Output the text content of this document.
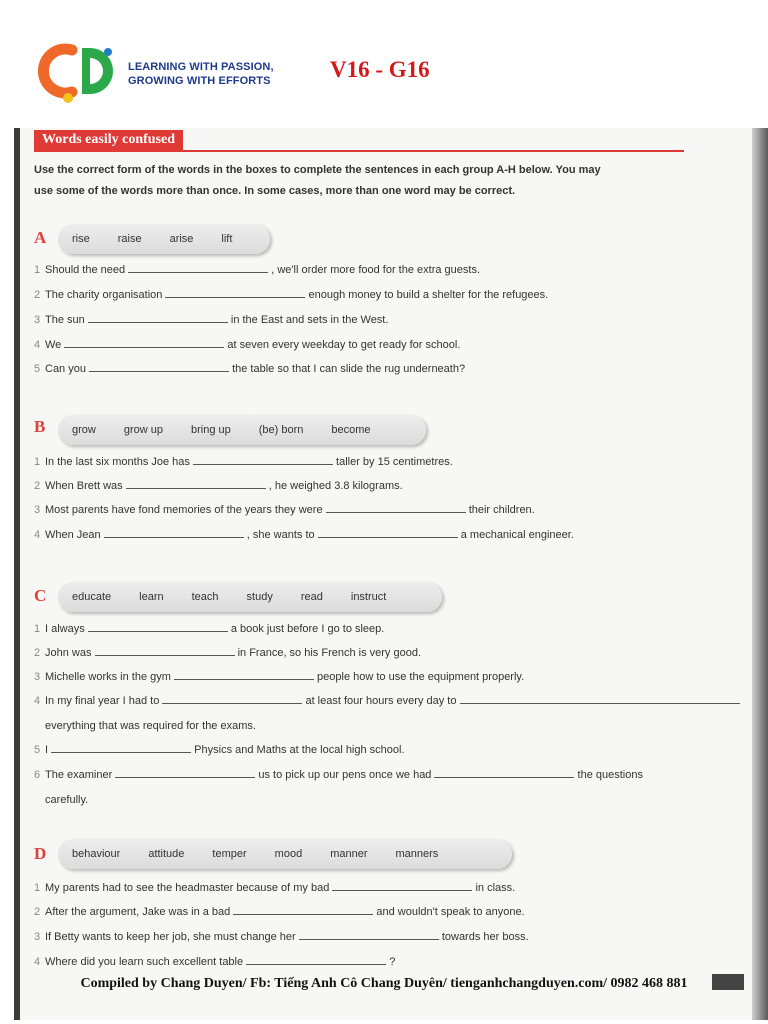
LEARNING WITH PASSION,
GROWING WITH EFFORTS	V16 - G16
Words easily confused
Use the correct form of the words in the boxes to complete the sentences in each group A-H below. You may
use some of the words more than once. In some cases, more than one word may be correct.
A rise	raise	arise	lift
1 Should the need	, we'll order more food for the extra guests.
2 The charity organisation	enough money to build a shelter for the refugees.
3 The sun	in the East and sets in the West.
4 We	at seven every weekday to get ready for school.
5 Can you	the table so that I can slide the rug underneath?
B grow	grow up	bring up	(be) born	become
1 In the last six months Joe has	taller by 15 centimetres.
2 When Brett was	, he weighed 3.8 kilograms.
3 Most parents have fond memories of the years they were	their children.
4 When Jean	, she wants to	a mechanical engineer.
C educate	learn	teach	study	read	instruct
1 I always	a book just before I go to sleep.
2 John was	in France, so his French is very good.
3 Michelle works in the gym	people how to use the equipment properly.
4 In my final year I had to	at least four hours every day to
everything that was required for the exams.
5 I	Physics and Maths at the local high school.
6 The examiner	us to pick up our pens once we had	the questions
carefully.
D behaviour	attitude	temper	mood	manner	manners
1 My parents had to see the headmaster because of my bad	in class.
2 After the argument, Jake was in a bad	and wouldn't speak to anyone.
3 If Betty wants to keep her job, she must change her	towards her boss.
4 Where did you learn such excellent table	?
Compiled by Chang Duyen/ Fb: Tiếng Anh Cô Chang Duyên/ tienganhchangduyen.com/ 0982 468 881
